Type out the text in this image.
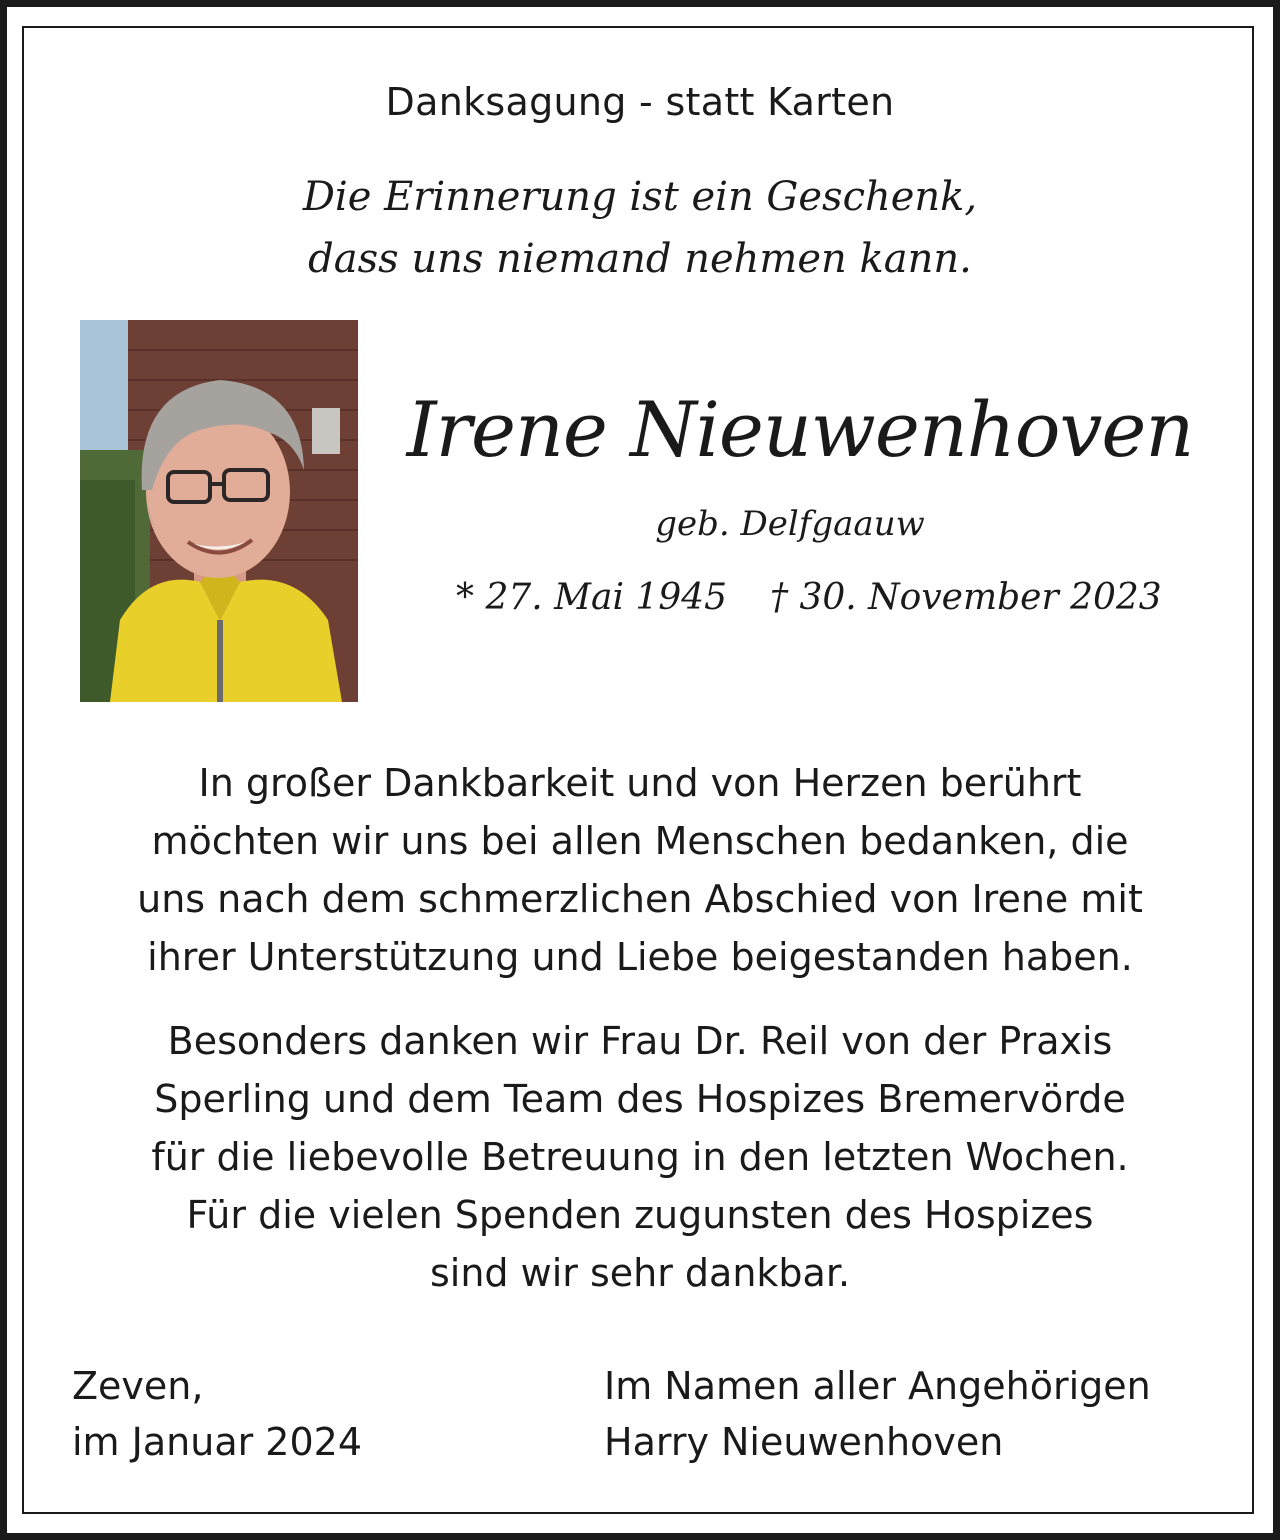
Danksagung - statt Karten

Die Erinnerung ist ein Geschenk,
dass uns niemand nehmen kann.

Irene Nieuwenhoven
geb. Delfgaauw
* 27. Mai 1945 † 30. November 2023
In großer Dankbarkeit und von Herzen berührt
möchten wir uns bei allen Menschen bedanken, die
uns nach dem schmerzlichen Abschied von Irene mit
ihrer Unterstützung und Liebe beigestanden haben.
Besonders danken wir Frau Dr. Reil von der Praxis
Sperling und dem Team des Hospizes Bremervörde
für die liebevolle Betreuung in den letzten Wochen.
Für die vielen Spenden zugunsten des Hospizes
sind wir sehr dankbar.
Zeven,
im Januar 2024
Im Namen aller Angehörigen
Harry Nieuwenhoven
